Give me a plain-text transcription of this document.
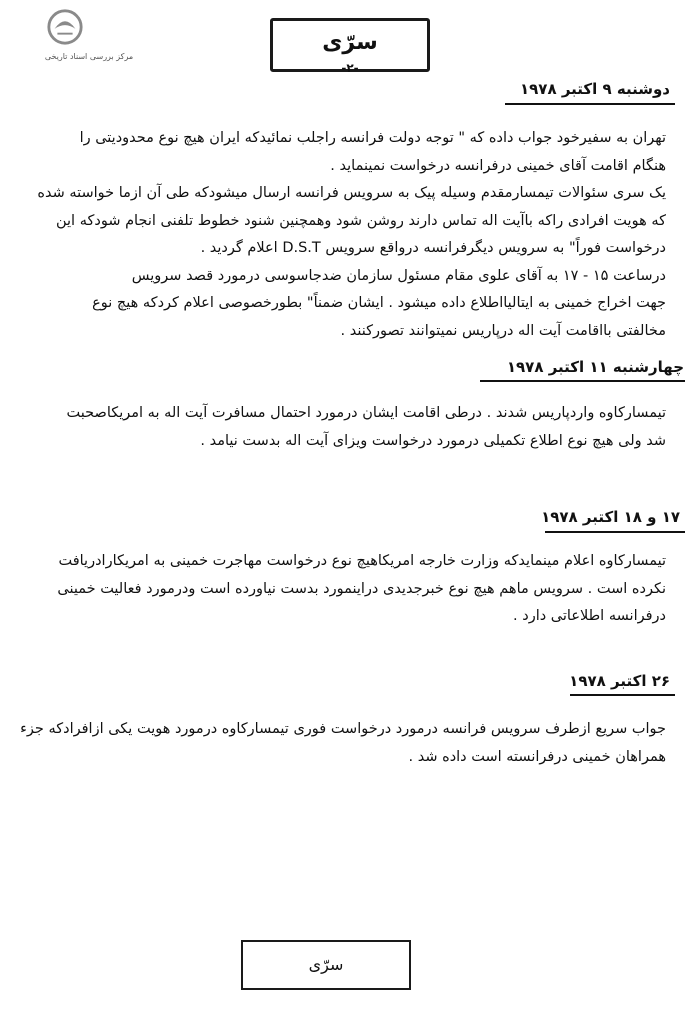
مرکز بررسی اسناد تاریخی
سرّی
-۲-
دوشنبه ۹ اکتبر ۱۹۷۸
تهران به سفیرخود جواب داده که " توجه دولت فرانسه راجلب نمائیدکه ایران هیچ نوع محدودیتی را
هنگام اقامت آقای خمینی درفرانسه درخواست نمینماید .
یک سری سئوالات تیمسارمقدم وسیله پیک به سرویس فرانسه ارسال میشودکه طی آن ازما خواسته شده
که هویت افرادی راکه باآیت اله تماس دارند روشن شود وهمچنین شنود خطوط تلفنی انجام شودکه این
درخواست فوراً" به سرویس دیگرفرانسه درواقع سرویس D.S.T اعلام گردید .
درساعت ۱۵ - ۱۷ به آقای علوی مقام مسئول سازمان ضدجاسوسی درمورد قصد سرویس
جهت اخراج خمینی به ایتالیااطلاع داده میشود . ایشان ضمناً" بطورخصوصی اعلام کردکه هیچ نوع
مخالفتی بااقامت آیت اله درپاریس نمیتوانند تصورکنند .
چهارشنبه ۱۱ اکتبر ۱۹۷۸
تیمسارکاوه واردپاریس شدند . درطی اقامت ایشان درمورد احتمال مسافرت آیت اله به امریکاصحبت
شد ولی هیچ نوع اطلاع تکمیلی درمورد درخواست ویزای آیت اله بدست نیامد .
۱۷ و ۱۸ اکتبر ۱۹۷۸
تیمسارکاوه اعلام مینمایدکه وزارت خارجه امریکاهیچ نوع درخواست مهاجرت خمینی به امریکارادریافت
نکرده است . سرویس ماهم هیچ نوع خبرجدیدی دراینمورد بدست نیاورده است ودرمورد فعالیت خمینی
درفرانسه اطلاعاتی دارد .
۲۶ اکتبر ۱۹۷۸
جواب سریع ازطرف سرویس فرانسه درمورد درخواست فوری تیمسارکاوه درمورد هویت یکی ازافرادکه جزء
همراهان خمینی درفرانسته است داده شد .
سرّی
